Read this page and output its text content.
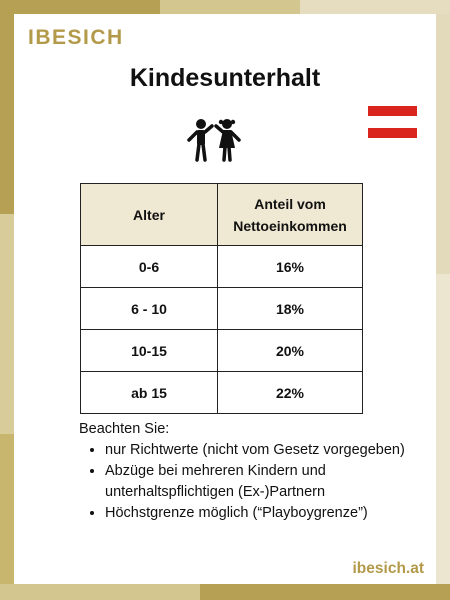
IBESICH
Kindesunterhalt
Alter	Anteil vom
Nettoeinkommen
0-6	16%
6 - 10	18%
10-15	20%
ab 15	22%
Beachten Sie:
• nur Richtwerte (nicht vom Gesetz vorgegeben)
• Abzüge bei mehreren Kindern und unterhaltspflichtigen (Ex-)Partnern
• Höchstgrenze möglich (“Playboygrenze”)
ibesich.at
